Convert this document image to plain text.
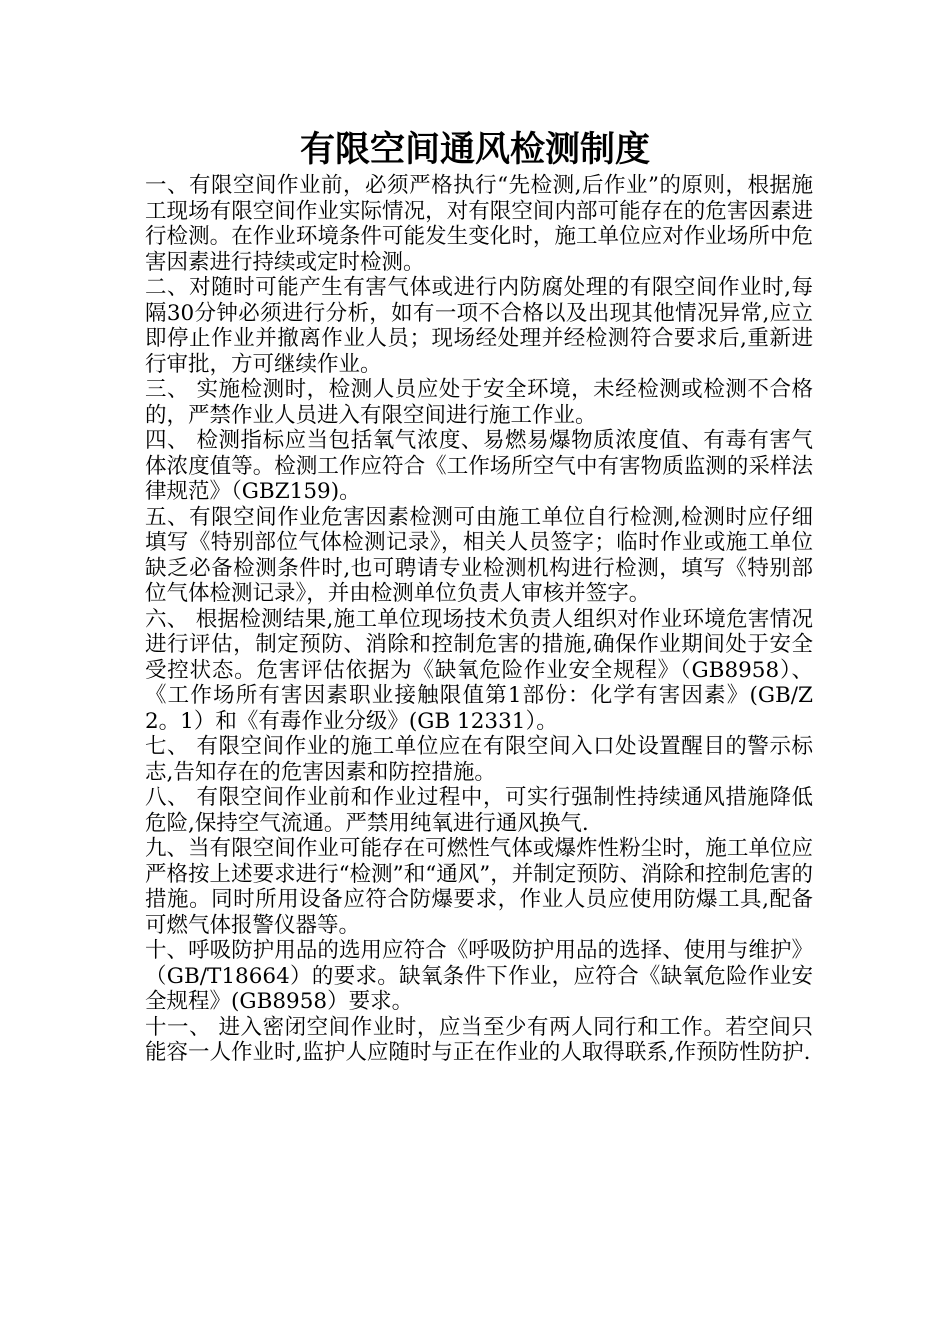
有限空间通风检测制度

一、有限空间作业前，必须严格执行“先检测,后作业”的原则，根据施工现场有限空间作业实际情况，对有限空间内部可能存在的危害因素进行检测。在作业环境条件可能发生变化时，施工单位应对作业场所中危害因素进行持续或定时检测。

二、对随时可能产生有害气体或进行内防腐处理的有限空间作业时,每隔30分钟必须进行分析，如有一项不合格以及出现其他情况异常,应立即停止作业并撤离作业人员；现场经处理并经检测符合要求后,重新进行审批，方可继续作业。

三、 实施检测时，检测人员应处于安全环境，未经检测或检测不合格的，严禁作业人员进入有限空间进行施工作业。

四、 检测指标应当包括氧气浓度、易燃易爆物质浓度值、有毒有害气体浓度值等。检测工作应符合《工作场所空气中有害物质监测的采样法律规范》（GBZ159)。

五、有限空间作业危害因素检测可由施工单位自行检测,检测时应仔细填写《特别部位气体检测记录》，相关人员签字；临时作业或施工单位缺乏必备检测条件时,也可聘请专业检测机构进行检测，填写《特别部位气体检测记录》，并由检测单位负责人审核并签字。

六、 根据检测结果,施工单位现场技术负责人组织对作业环境危害情况进行评估，制定预防、消除和控制危害的措施,确保作业期间处于安全受控状态。危害评估依据为《缺氧危险作业安全规程》（GB8958）、《工作场所有害因素职业接触限值第1部份：化学有害因素》(GB/Z 2。1）和《有毒作业分级》(GB 12331）。

七、 有限空间作业的施工单位应在有限空间入口处设置醒目的警示标志,告知存在的危害因素和防控措施。

八、 有限空间作业前和作业过程中，可实行强制性持续通风措施降低危险,保持空气流通。严禁用纯氧进行通风换气.

九、当有限空间作业可能存在可燃性气体或爆炸性粉尘时，施工单位应严格按上述要求进行“检测”和“通风”，并制定预防、消除和控制危害的措施。同时所用设备应符合防爆要求，作业人员应使用防爆工具,配备可燃气体报警仪器等。

十、呼吸防护用品的选用应符合《呼吸防护用品的选择、使用与维护》（GB/T18664）的要求。缺氧条件下作业，应符合《缺氧危险作业安全规程》(GB8958）要求。

十一、 进入密闭空间作业时，应当至少有两人同行和工作。若空间只能容一人作业时,监护人应随时与正在作业的人取得联系,作预防性防护.
